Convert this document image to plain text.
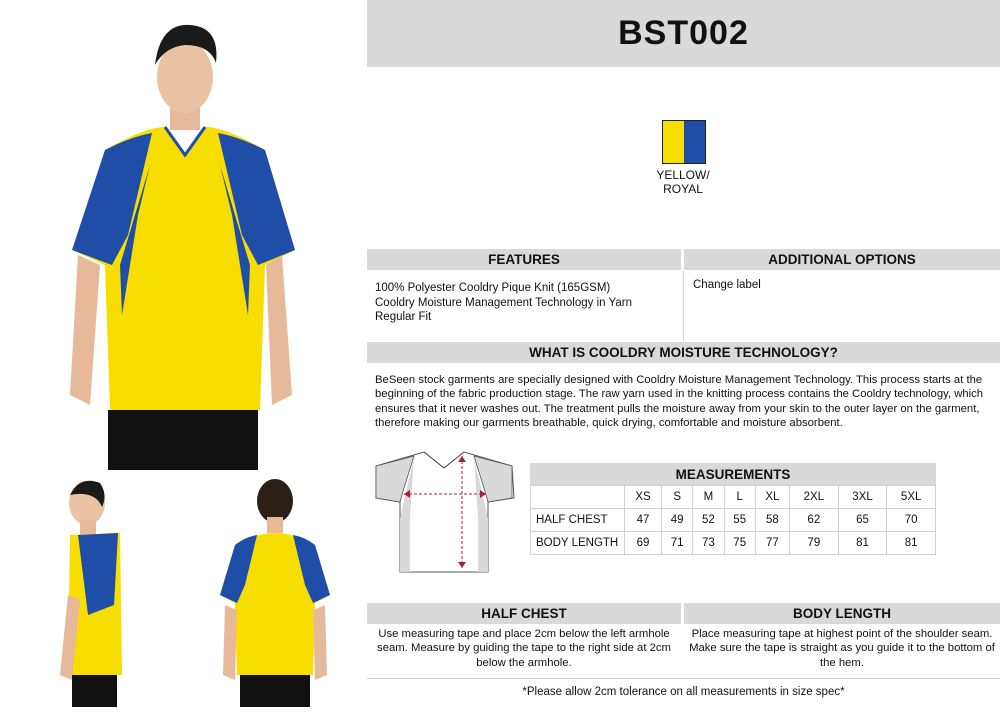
BST002
YELLOW/
ROYAL
FEATURES	ADDITIONAL OPTIONS
100% Polyester Cooldry Pique Knit (165GSM)
Cooldry Moisture Management Technology in Yarn
Regular Fit
Change label
WHAT IS COOLDRY MOISTURE TECHNOLOGY?
BeSeen stock garments are specially designed with Cooldry Moisture Management Technology. This process starts at the beginning of the fabric production stage. The raw yarn used in the knitting process contains the Cooldry technology, which ensures that it never washes out. The treatment pulls the moisture away from your skin to the outer layer on the garment, therefore making our garments breathable, quick drying, comfortable and moisture absorbent.
MEASUREMENTS
	XS	S	M	L	XL	2XL	3XL	5XL
HALF CHEST	47	49	52	55	58	62	65	70
BODY LENGTH	69	71	73	75	77	79	81	81
HALF CHEST	BODY LENGTH
Use measuring tape and place 2cm below the left armhole seam. Measure by guiding the tape to the right side at 2cm below the armhole.
Place measuring tape at highest point of the shoulder seam. Make sure the tape is straight as you guide it to the bottom of the hem.
*Please allow 2cm tolerance on all measurements in size spec*
